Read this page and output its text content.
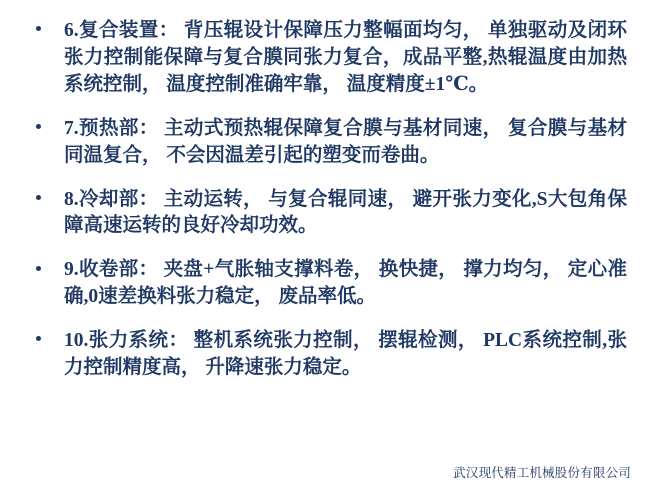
6.复合装置： 背压辊设计保障压力整幅面均匀， 单独驱动及闭环张力控制能保障与复合膜同张力复合，成品平整,热辊温度由加热系统控制， 温度控制准确牢靠， 温度精度±1℃。
7.预热部： 主动式预热辊保障复合膜与基材同速， 复合膜与基材同温复合， 不会因温差引起的塑变而卷曲。
8.冷却部： 主动运转， 与复合辊同速， 避开张力变化,S大包角保障高速运转的良好冷却功效。
9.收卷部： 夹盘+气胀轴支撑料卷， 换快捷， 撑力均匀， 定心准确,0速差换料张力稳定， 废品率低。
10.张力系统： 整机系统张力控制， 摆辊检测， PLC系统控制,张力控制精度高， 升降速张力稳定。
武汉现代精工机械股份有限公司
